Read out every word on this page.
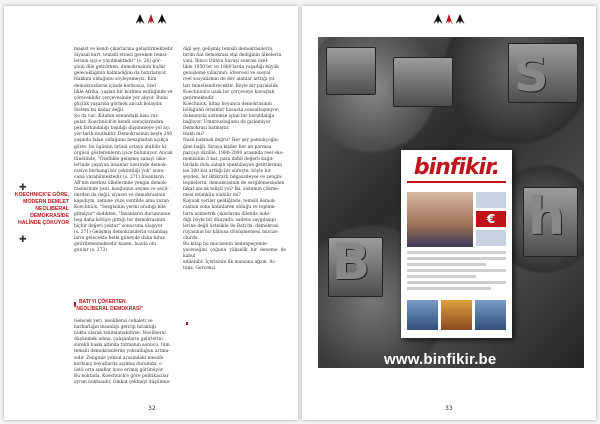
maşist ve kendi çıkarlarına gelişitirmektedir.
Siyasal kart, temsili etnesi gereken temsi-
lerinin işçi-e yayılmaktadır" (s. 26) gör-
şünü dile getirirken, demokrasinin hiçbir
gelecekliğinin kalmadığını da hatırlatıyor.
Hakkını olduğunu söyleyemeyiz. Kim
demokrasilerin içinde korkusuz, özel
likle Afrika, yaşlan bir korkma eşitliğinde ve
çöreceklidir çerçevesinde yer alıyor. Bunu
güçlük yaşarıda görmek ancak kolaydır.
Sistem bu kadar değil.
Şu da var: Kitabın sonundaki kısa vur-
gular, Koechnick'in kendi sonuçlarından
pek farkındalığı taşıdığı düşünmeye yol açı
yor-tarih-mutlaktır. Demokrasinin beşte 200
yaşında falan olduğunu hesapladan açıkça
görev, bu ögünün ürünü ortaya atabilir ki
örgüsü gösterenlerin iyice bulunuyor. Ancak
tünelinde, "Özellikle gelişmiş sanayi ülke-
lerinde yaşayan insanlar üzerinde demok-
rasiye herhangi bir çekintiliği yok" sonu-
cuna varabilmektedir (s. 271) İnsanların
AB'nin merkez ülkelerinde yengin demok-
rasilerinde yani, kaoğunun seçme ve seçil-
ilerden da değil, siyaset ve demokrasinin
kapıdıym, zemine yüze ventilde ama vuran
Koechnick, "Sezgisinin yerini aradığı bile
gitmiyor" dedikten, "İnsanların durumunun
hep daha kötüye gittiği bir demokrasinin
hiçbir değeri yoktur" sonucunu ulaşıyor
(s. 271) Gelişmiş demokrasilerin vatandaş
ların gelecekte belki güneyde daha biraz
getirilememektedir kuzen, buzda olu
gunlar (s. 273)
✚
KOECHNICK'E GÖRE, MODERN DEMLET NEOLIBERAL DEMOKRASİDE HALİNDE ÇÖKÜYOR
✚
BATI'YI ÇÖKERTEN
"NEOLİBERAL DEMOKRASİ"
Gelecek yeri, neoliberal cehaleti ve
barbarlığın insanlığı getirip bıraktığı
nokta olarak tanımlanabilirse. Neoliberal
düşünmek adına, çalışanların gelirlerini
sürekli baskı altında tutmanın sonucu, tüm
temsili demokrasilerde yoksulluğun artma-
sıdır. Zenginle yoksul arasındaki mesafe
korkunç boyutlarda açılmış durumda, o
üstü orta sınıflar iyice erimiş görünüyor.
Bu noktada, Koechnick'e göre politikacılar
ayrım noktasıdır. Dikkat çekmeyi düşünme-
diği şey, gelişmiş temsili demokrasilerin,
birim fiat demokrasi stal dediğinin ülkelerin
yani, İkinci Dünya Savaşı sonrası özel-
likle 1950'ler ve 1960'larda yaşadığı büyük
genişleme yıllarının, idveresil ve sosyal
reel sosyalizmin de dev alımlar arttığı yıl-
ları temellendirecektir. Böyle bir paralellik
Koechnick'e uzak bir çerçeveye kavuşluk
getirmektedir.
Koechnick, kitap boyunca demokrasinin
bölüğünü örnekler hususta sonsaltaşmıyor;
doksanyıla sistemse iştan bir boruldalığa
bağlıyor. Umutsuzluğunu da gizlemiyor
Demokrasi batmıştır.
Haklı mı?
Nasıl bakmak doğru? Her şey pamukçoğlu-
ğine bağlı. Sıraya kişiler her an parmaa
parçayı dizilile. 1980-2000 arasında reel eko-
nomisinin 3 kat, para dahil değerli kağıt-
lardaki dolu sahşın spekülasyon getirilerinin
ise 300 kat arttığı bir süreçte, böyle bir
şeyden, bir iktikrarlı bilgisizdeyse ve zengin-
leşmelerin, demokrasinin de sergilemesinden
fakat ancak telişti yol? İki, sistemin çökme-
mesi mümkün olabilir mi?
Kaynak veriler geldiğinde, temsili demok-
rasinin sona katınlaren olduğu ve toplum-
ların asimetrik çıkarlarını dilende inde-
diği böyle bir dünyada, sadece saygılaşıpı
lerine değil üstelikle de Batı'da, demokrasi
rüyasının bir kâbusa dönüşmemesi mucize
olurdu.
Bu kitap bu mucizenin nedenpeçemle-
yeceneğini çoğunu yükselik bir deneme de kabul
edilebilir. İçerisinin ilk mansına ağzın. Ac-
tunz. Gerçekçi.
32
S
h
B
binfikir.
€
www.binfikir.be
33
